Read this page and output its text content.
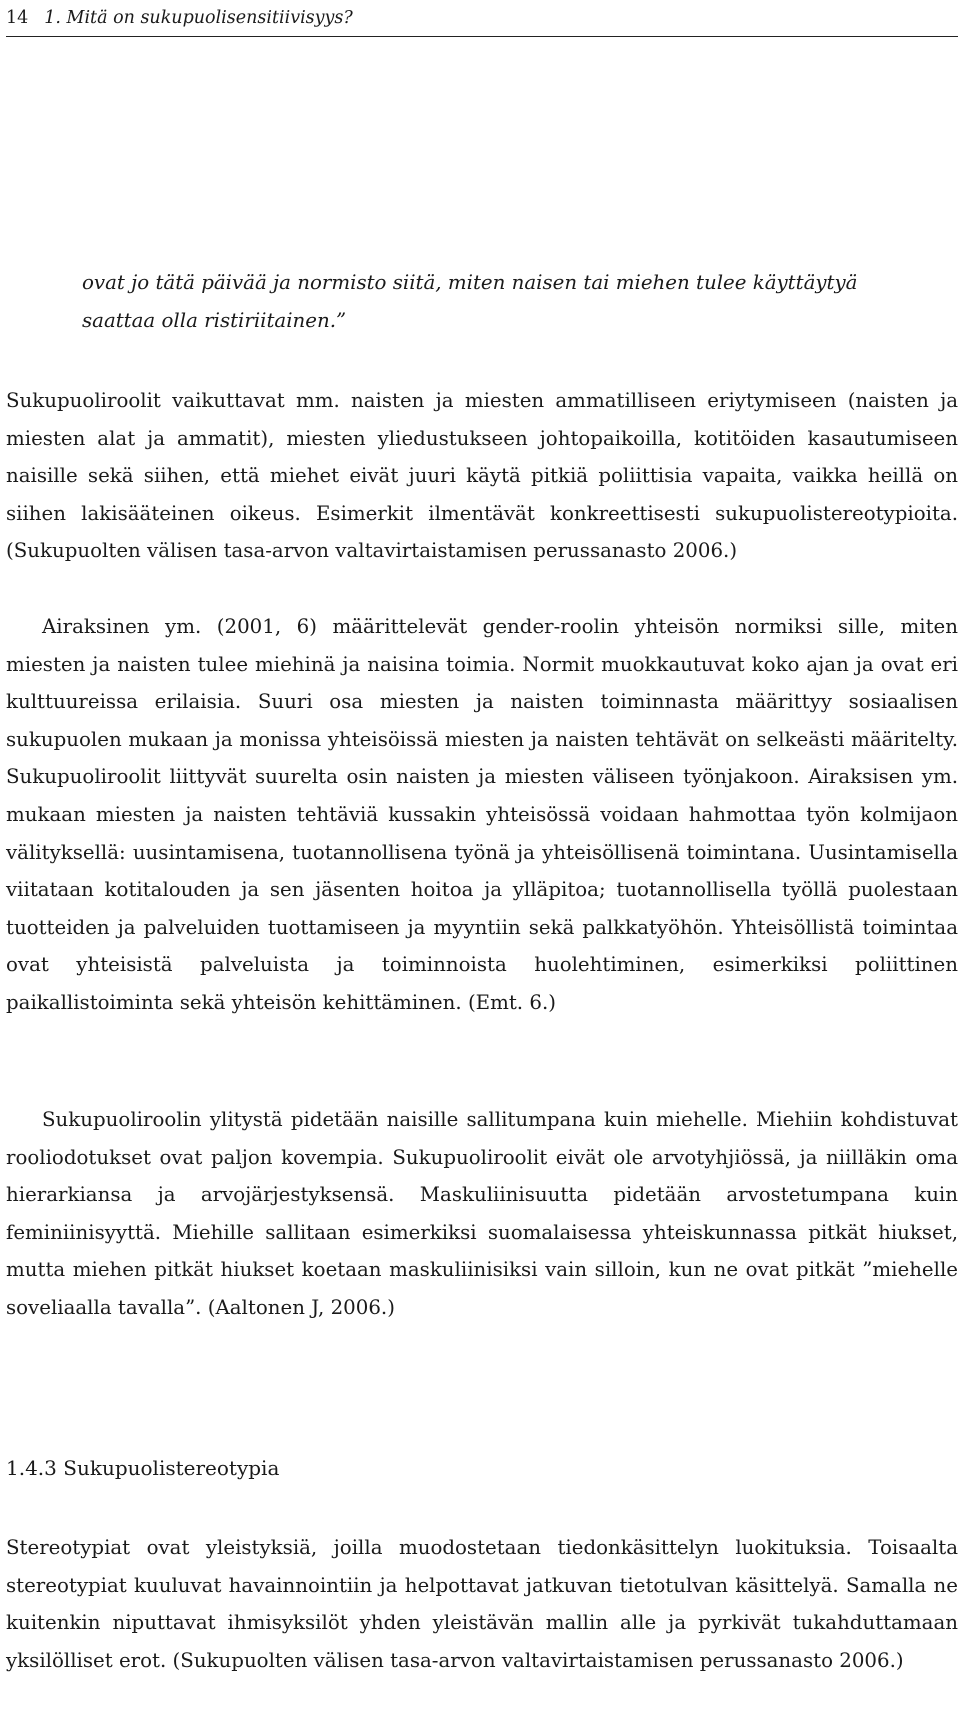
14 1. Mitä on sukupuolisensitiivisyys?

ovat jo tätä päivää ja normisto siitä, miten naisen tai miehen tulee käyttäytyä saattaa olla ristiriitainen.”

Sukupuoliroolit vaikuttavat mm. naisten ja miesten ammatilliseen eriytymiseen (naisten ja miesten alat ja ammatit), miesten yliedustukseen johtopaikoilla, kotitöiden kasautumiseen naisille sekä siihen, että miehet eivät juuri käytä pitkiä poliittisia vapaita, vaikka heillä on siihen lakisääteinen oikeus. Esimerkit ilmentävät konkreettisesti sukupuolistereotypioita. (Sukupuolten välisen tasa-arvon valtavirtaistamisen perussanasto 2006.)

Airaksinen ym. (2001, 6) määrittelevät gender-roolin yhteisön normiksi sille, miten miesten ja naisten tulee miehinä ja naisina toimia. Normit muokkautuvat koko ajan ja ovat eri kulttuureissa erilaisia. Suuri osa miesten ja naisten toiminnasta määrittyy sosiaalisen sukupuolen mukaan ja monissa yhteisöissä miesten ja naisten tehtävät on selkeästi määritelty. Sukupuoliroolit liittyvät suurelta osin naisten ja miesten väliseen työnjakoon. Airaksisen ym. mukaan miesten ja naisten tehtäviä kussakin yhteisössä voidaan hahmottaa työn kolmijaon välityksellä: uusintamisena, tuotannollisena työnä ja yhteisöllisenä toimintana. Uusintamisella viitataan kotitalouden ja sen jäsenten hoitoa ja ylläpitoa; tuotannollisella työllä puolestaan tuotteiden ja palveluiden tuottamiseen ja myyntiin sekä palkkatyöhön. Yhteisöllistä toimintaa ovat yhteisistä palveluista ja toiminnoista huolehtiminen, esimerkiksi poliittinen paikallistoiminta sekä yhteisön kehittäminen. (Emt. 6.)

Sukupuoliroolin ylitystä pidetään naisille sallitumpana kuin miehelle. Miehiin kohdistuvat rooliodotukset ovat paljon kovempia. Sukupuoliroolit eivät ole arvotyhjiössä, ja niilläkin oma hierarkiansa ja arvojärjestyksensä. Maskuliinisuutta pidetään arvostetumpana kuin feminiinisyyttä. Miehille sallitaan esimerkiksi suomalaisessa yhteiskunnassa pitkät hiukset, mutta miehen pitkät hiukset koetaan maskuliinisiksi vain silloin, kun ne ovat pitkät ”miehelle soveliaalla tavalla”. (Aaltonen J, 2006.)

1.4.3 Sukupuolistereotypia

Stereotypiat ovat yleistyksiä, joilla muodostetaan tiedonkäsittelyn luokituksia. Toisaalta stereotypiat kuuluvat havainnointiin ja helpottavat jatkuvan tietotulvan käsittelyä. Samalla ne kuitenkin niputtavat ihmisyksilöt yhden yleistävän mallin alle ja pyrkivät tukahduttamaan yksilölliset erot. (Sukupuolten välisen tasa-arvon valtavirtaistamisen perussanasto 2006.)
